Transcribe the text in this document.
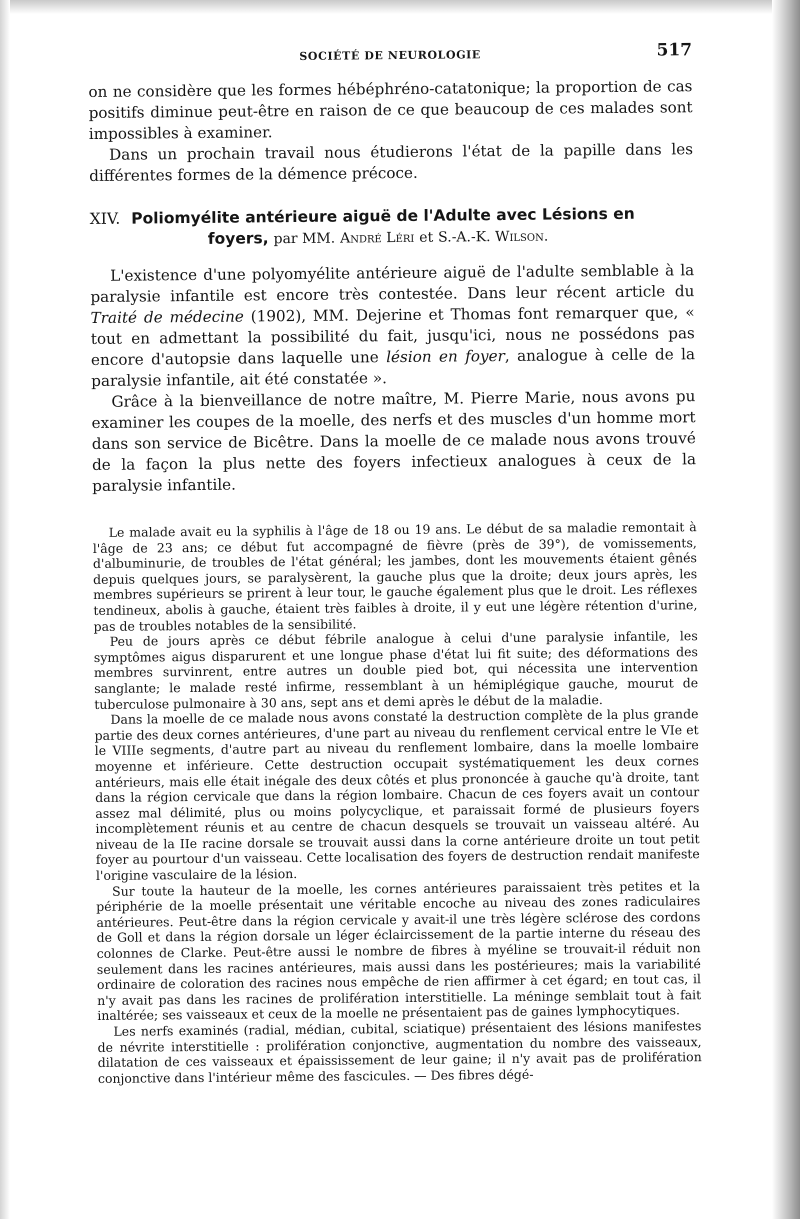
SOCIÉTÉ DE NEUROLOGIE	517

on ne considère que les formes hébéphréno-catatonique; la proportion de cas positifs diminue peut-être en raison de ce que beaucoup de ces malades sont impossibles à examiner.

Dans un prochain travail nous étudierons l'état de la papille dans les différentes formes de la démence précoce.

XIV. Poliomyélite antérieure aiguë de l'Adulte avec Lésions en
foyers, par MM. André Léri et S.-A.-K. Wilson.

L'existence d'une polyomyélite antérieure aiguë de l'adulte semblable à la paralysie infantile est encore très contestée. Dans leur récent article du Traité de médecine (1902), MM. Dejerine et Thomas font remarquer que, « tout en admettant la possibilité du fait, jusqu'ici, nous ne possédons pas encore d'autopsie dans laquelle une lésion en foyer, analogue à celle de la paralysie infantile, ait été constatée ».

Grâce à la bienveillance de notre maître, M. Pierre Marie, nous avons pu examiner les coupes de la moelle, des nerfs et des muscles d'un homme mort dans son service de Bicêtre. Dans la moelle de ce malade nous avons trouvé de la façon la plus nette des foyers infectieux analogues à ceux de la paralysie infantile.

Le malade avait eu la syphilis à l'âge de 18 ou 19 ans. Le début de sa maladie remontait à l'âge de 23 ans; ce début fut accompagné de fièvre (près de 39°), de vomissements, d'albuminurie, de troubles de l'état général; les jambes, dont les mouvements étaient gênés depuis quelques jours, se paralysèrent, la gauche plus que la droite; deux jours après, les membres supérieurs se prirent à leur tour, le gauche également plus que le droit. Les réflexes tendineux, abolis à gauche, étaient très faibles à droite, il y eut une légère rétention d'urine, pas de troubles notables de la sensibilité.

Peu de jours après ce début fébrile analogue à celui d'une paralysie infantile, les symptômes aigus disparurent et une longue phase d'état lui fit suite; des déformations des membres survinrent, entre autres un double pied bot, qui nécessita une intervention sanglante; le malade resté infirme, ressemblant à un hémiplégique gauche, mourut de tuberculose pulmonaire à 30 ans, sept ans et demi après le début de la maladie.

Dans la moelle de ce malade nous avons constaté la destruction complète de la plus grande partie des deux cornes antérieures, d'une part au niveau du renflement cervical entre le VIe et le VIIIe segments, d'autre part au niveau du renflement lombaire, dans la moelle lombaire moyenne et inférieure. Cette destruction occupait systématiquement les deux cornes antérieurs, mais elle était inégale des deux côtés et plus prononcée à gauche qu'à droite, tant dans la région cervicale que dans la région lombaire. Chacun de ces foyers avait un contour assez mal délimité, plus ou moins polycyclique, et paraissait formé de plusieurs foyers incomplètement réunis et au centre de chacun desquels se trouvait un vaisseau altéré. Au niveau de la IIe racine dorsale se trouvait aussi dans la corne antérieure droite un tout petit foyer au pourtour d'un vaisseau. Cette localisation des foyers de destruction rendait manifeste l'origine vasculaire de la lésion.

Sur toute la hauteur de la moelle, les cornes antérieures paraissaient très petites et la périphérie de la moelle présentait une véritable encoche au niveau des zones radiculaires antérieures. Peut-être dans la région cervicale y avait-il une très légère sclérose des cordons de Goll et dans la région dorsale un léger éclaircissement de la partie interne du réseau des colonnes de Clarke. Peut-être aussi le nombre de fibres à myéline se trouvait-il réduit non seulement dans les racines antérieures, mais aussi dans les postérieures; mais la variabilité ordinaire de coloration des racines nous empêche de rien affirmer à cet égard; en tout cas, il n'y avait pas dans les racines de prolifération interstitielle. La méninge semblait tout à fait inaltérée; ses vaisseaux et ceux de la moelle ne présentaient pas de gaines lymphocytiques.

Les nerfs examinés (radial, médian, cubital, sciatique) présentaient des lésions manifestes de névrite interstitielle : prolifération conjonctive, augmentation du nombre des vaisseaux, dilatation de ces vaisseaux et épaississement de leur gaine; il n'y avait pas de prolifération conjonctive dans l'intérieur même des fascicules. — Des fibres dégé-
